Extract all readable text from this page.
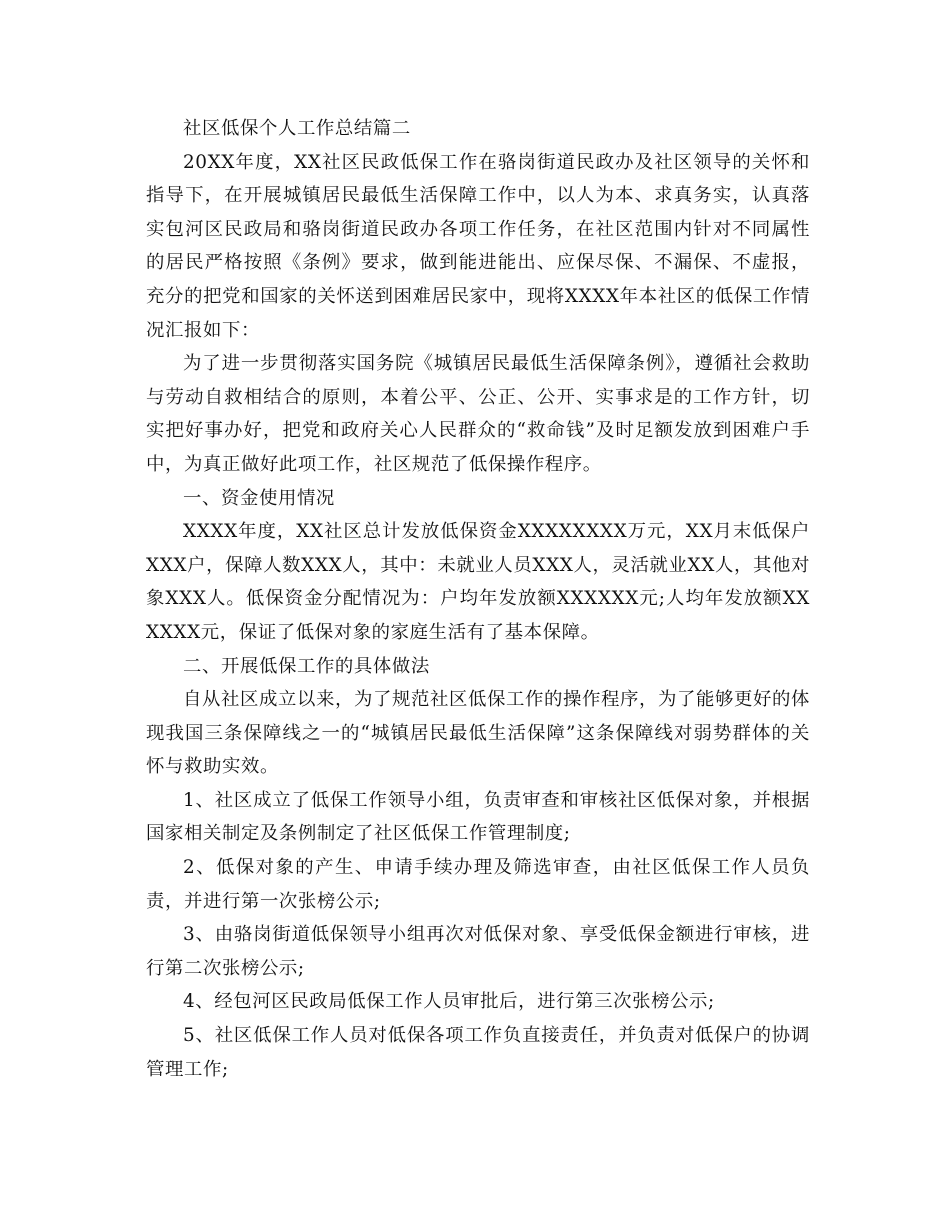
社区低保个人工作总结篇二

20XX年度，XX社区民政低保工作在骆岗街道民政办及社区领导的关怀和指导下，在开展城镇居民最低生活保障工作中，以人为本、求真务实，认真落实包河区民政局和骆岗街道民政办各项工作任务，在社区范围内针对不同属性的居民严格按照《条例》要求，做到能进能出、应保尽保、不漏保、不虚报，充分的把党和国家的关怀送到困难居民家中，现将XXXX年本社区的低保工作情况汇报如下：

为了进一步贯彻落实国务院《城镇居民最低生活保障条例》，遵循社会救助与劳动自救相结合的原则，本着公平、公正、公开、实事求是的工作方针，切实把好事办好，把党和政府关心人民群众的“救命钱”及时足额发放到困难户手中，为真正做好此项工作，社区规范了低保操作程序。

一、资金使用情况

XXXX年度，XX社区总计发放低保资金XXXXXXXX万元，XX月末低保户XXX户，保障人数XXX人，其中：未就业人员XXX人，灵活就业XX人，其他对象XXX人。低保资金分配情况为：户均年发放额XXXXXX元;人均年发放额XXXXXX元，保证了低保对象的家庭生活有了基本保障。

二、开展低保工作的具体做法

自从社区成立以来，为了规范社区低保工作的操作程序，为了能够更好的体现我国三条保障线之一的“城镇居民最低生活保障”这条保障线对弱势群体的关怀与救助实效。

1、社区成立了低保工作领导小组，负责审查和审核社区低保对象，并根据国家相关制定及条例制定了社区低保工作管理制度;

2、低保对象的产生、申请手续办理及筛选审查，由社区低保工作人员负责，并进行第一次张榜公示;

3、由骆岗街道低保领导小组再次对低保对象、享受低保金额进行审核，进行第二次张榜公示;

4、经包河区民政局低保工作人员审批后，进行第三次张榜公示;

5、社区低保工作人员对低保各项工作负直接责任，并负责对低保户的协调管理工作;
